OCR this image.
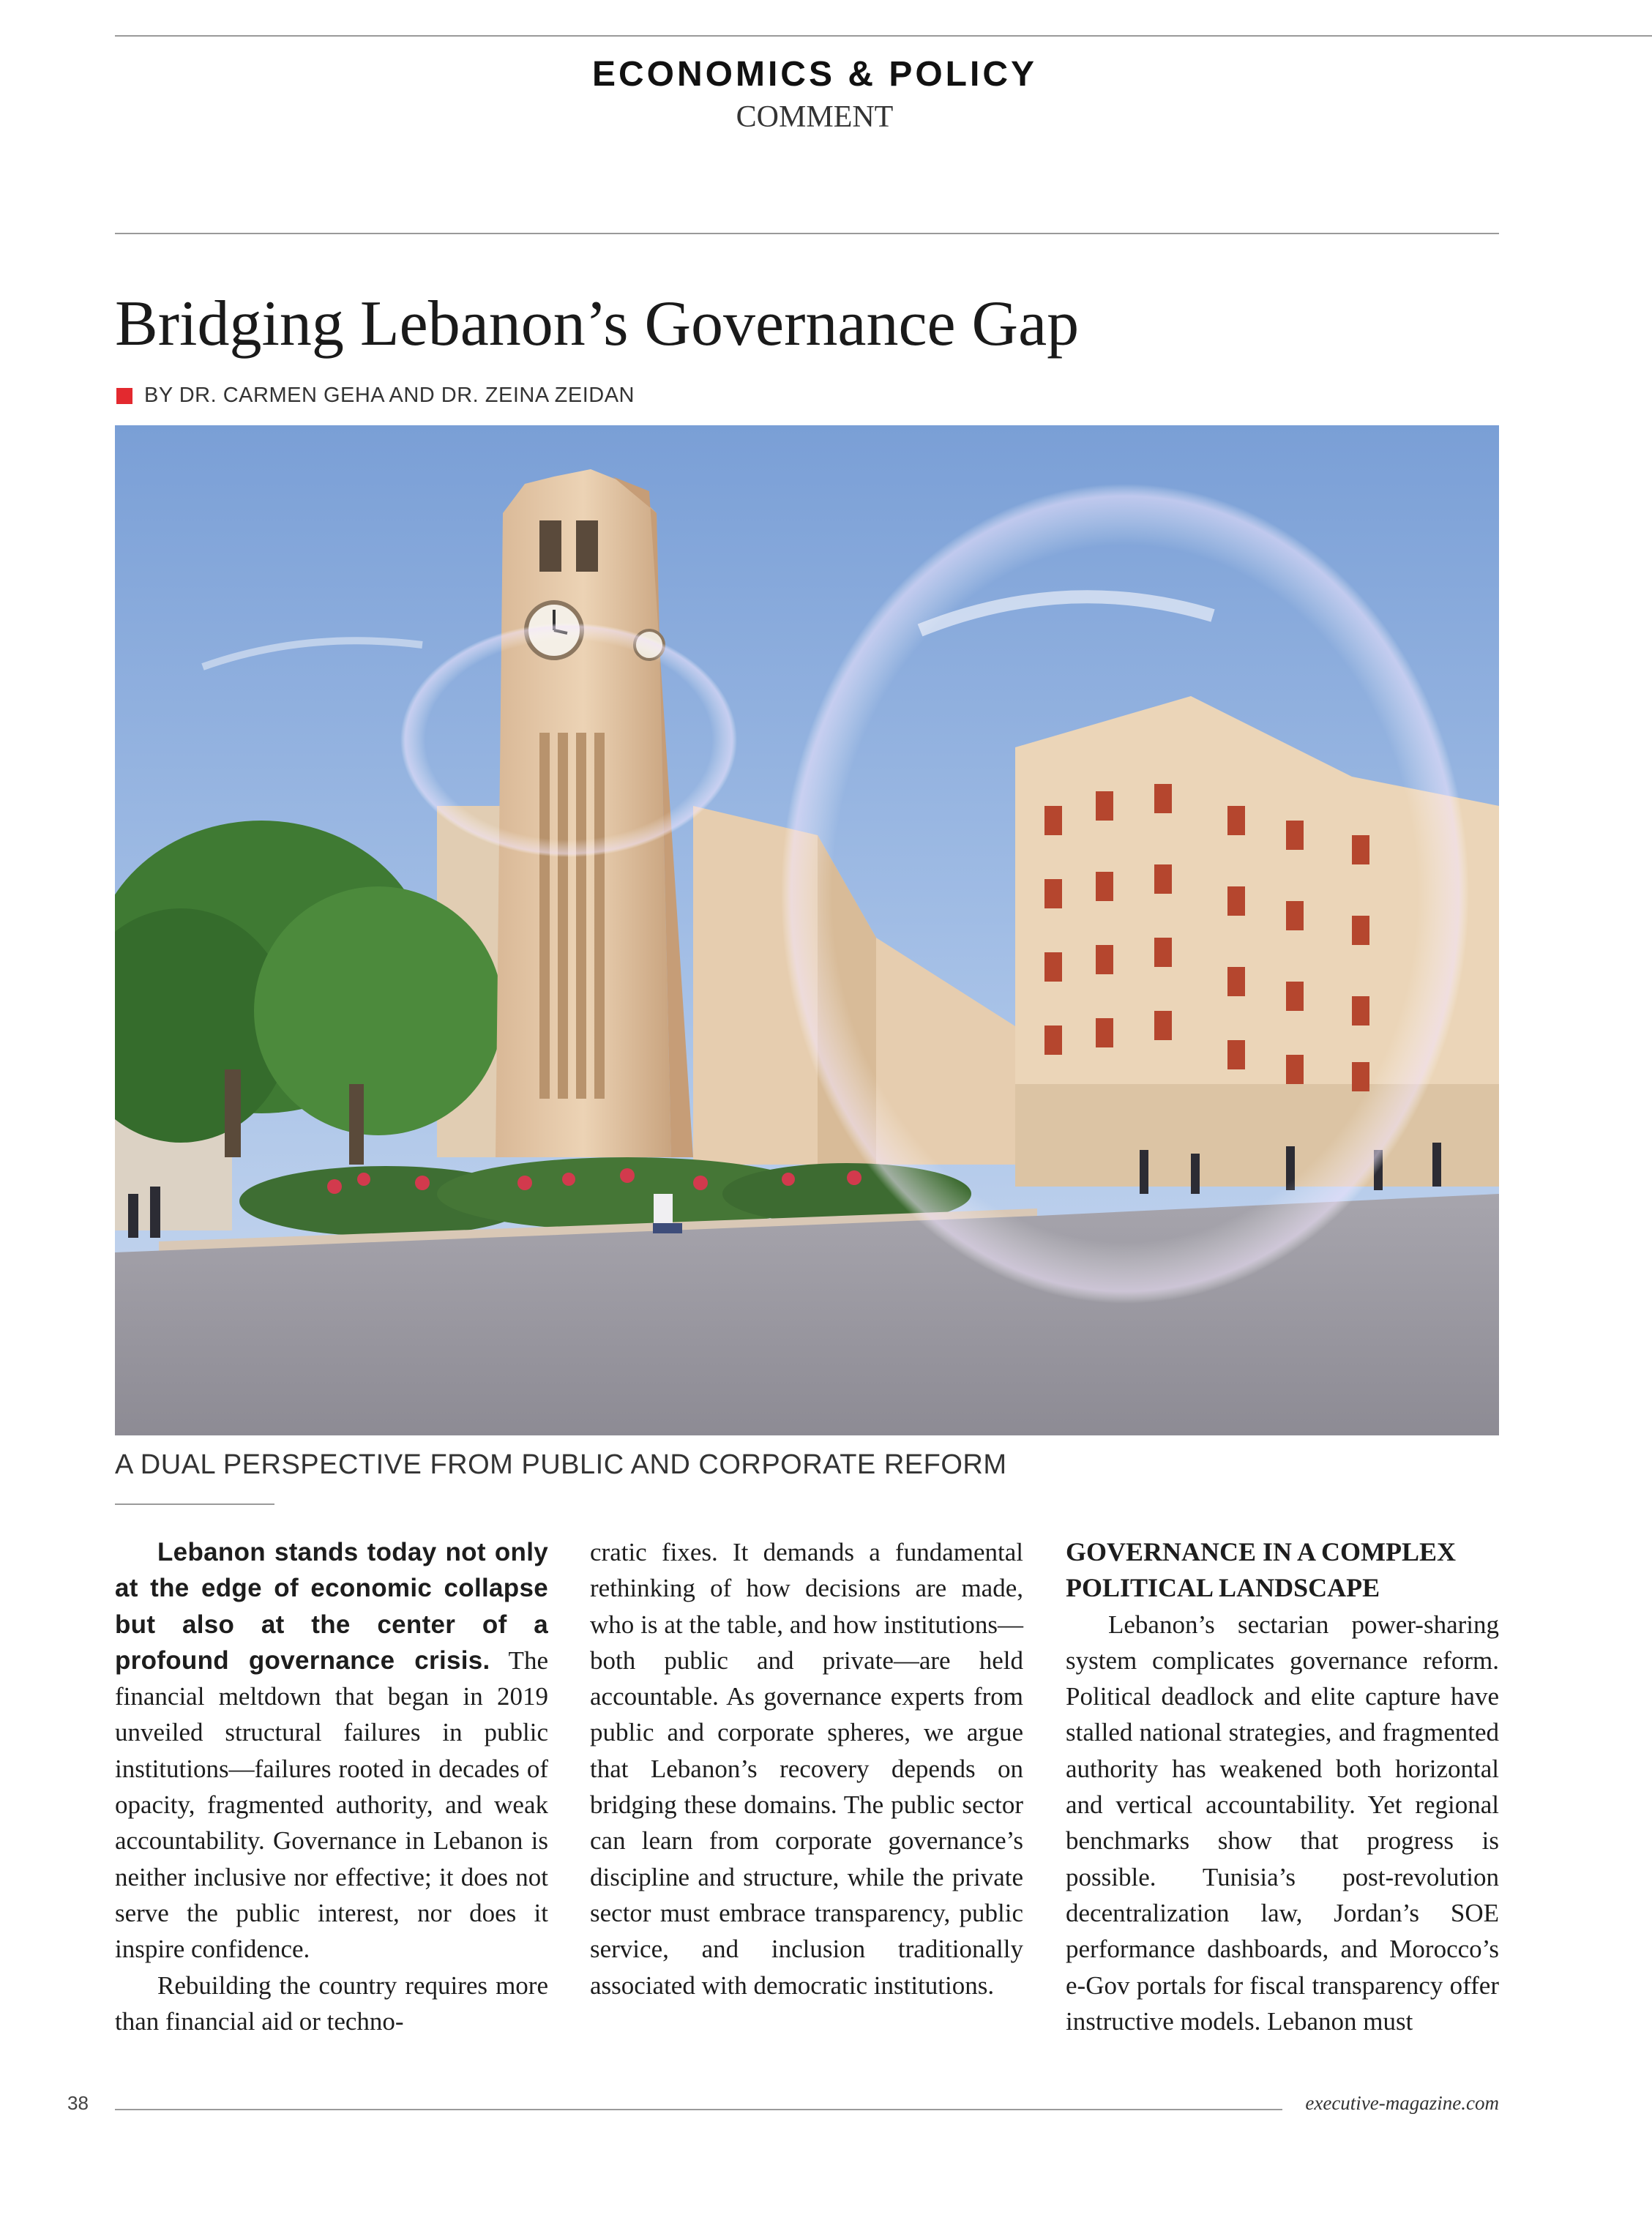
ECONOMICS & POLICY
COMMENT
Bridging Lebanon’s Governance Gap
BY DR. CARMEN GEHA AND DR. ZEINA ZEIDAN
A DUAL PERSPECTIVE FROM PUBLIC AND CORPORATE REFORM

Lebanon stands today not only at the edge of economic collapse but also at the center of a profound governance crisis. The financial meltdown that began in 2019 unveiled structural failures in public institutions—failures rooted in decades of opacity, fragmented authority, and weak accountability. Governance in Lebanon is neither inclusive nor effective; it does not serve the public interest, nor does it inspire confidence.

Rebuilding the country requires more than financial aid or techno-

cratic fixes. It demands a fundamental rethinking of how decisions are made, who is at the table, and how institutions—both public and private—are held accountable. As governance experts from public and corporate spheres, we argue that Lebanon’s recovery depends on bridging these domains. The public sector can learn from corporate governance’s discipline and structure, while the private sector must embrace transparency, public service, and inclusion traditionally associated with democratic institutions.

GOVERNANCE IN A COMPLEX POLITICAL LANDSCAPE

Lebanon’s sectarian power-sharing system complicates governance reform. Political deadlock and elite capture have stalled national strategies, and fragmented authority has weakened both horizontal and vertical accountability. Yet regional benchmarks show that progress is possible. Tunisia’s post-revolution decentralization law, Jordan’s SOE performance dashboards, and Morocco’s e-Gov portals for fiscal transparency offer instructive models. Lebanon must

38	executive-magazine.com
